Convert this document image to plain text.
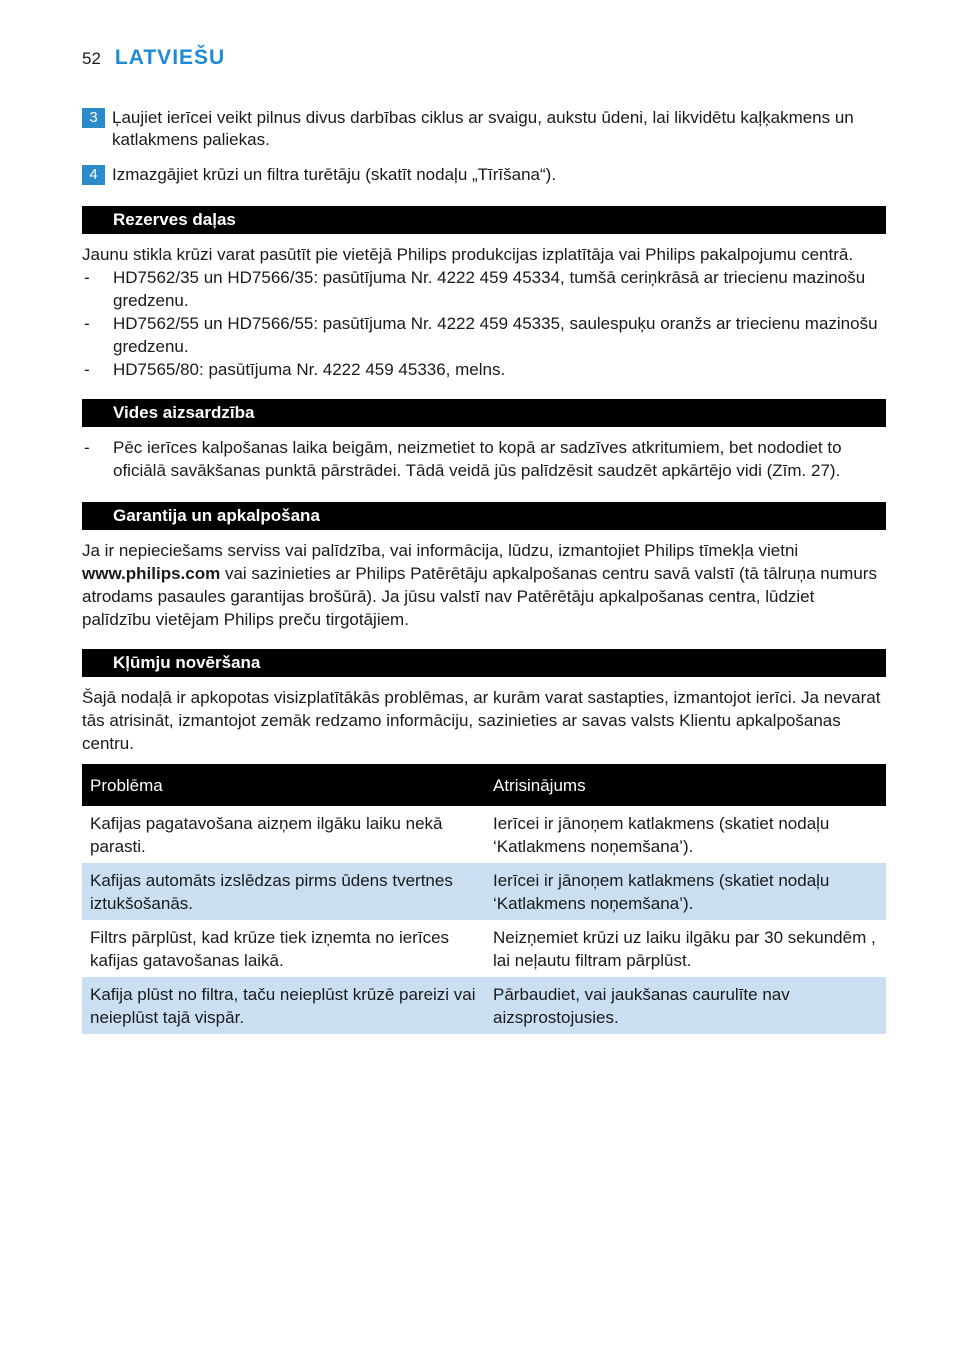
52 LATVIEŠU
3 Ļaujiet ierīcei veikt pilnus divus darbības ciklus ar svaigu, aukstu ūdeni, lai likvidētu kaļķakmens un katlakmens paliekas.
4 Izmazgājiet krūzi un filtra turētāju (skatīt nodaļu „Tīrīšana“).
Rezerves daļas
Jaunu stikla krūzi varat pasūtīt pie vietējā Philips produkcijas izplatītāja vai Philips pakalpojumu centrā.
- HD7562/35 un HD7566/35: pasūtījuma Nr. 4222 459 45334, tumšā ceriņkrāsā ar triecienu mazinošu gredzenu.
- HD7562/55 un HD7566/55: pasūtījuma Nr. 4222 459 45335, saulespuķu oranžs ar triecienu mazinošu gredzenu.
- HD7565/80: pasūtījuma Nr. 4222 459 45336, melns.
Vides aizsardzība
- Pēc ierīces kalpošanas laika beigām, neizmetiet to kopā ar sadzīves atkritumiem, bet nododiet to oficiālā savākšanas punktā pārstrādei. Tādā veidā jūs palīdzēsit saudzēt apkārtējo vidi (Zīm. 27).
Garantija un apkalpošana
Ja ir nepieciešams serviss vai palīdzība, vai informācija, lūdzu, izmantojiet Philips tīmekļa vietni www.philips.com vai sazinieties ar Philips Patērētāju apkalpošanas centru savā valstī (tā tālruņa numurs atrodams pasaules garantijas brošūrā). Ja jūsu valstī nav Patērētāju apkalpošanas centra, lūdziet palīdzību vietējam Philips preču tirgotājiem.
Kļūmju novēršana
Šajā nodaļā ir apkopotas visizplatītākās problēmas, ar kurām varat sastapties, izmantojot ierīci. Ja nevarat tās atrisināt, izmantojot zemāk redzamo informāciju, sazinieties ar savas valsts Klientu apkalpošanas centru.
Problēma	Atrisinājums
Kafijas pagatavošana aizņem ilgāku laiku nekā parasti.	Ierīcei ir jānoņem katlakmens (skatiet nodaļu ‘Katlakmens noņemšana’).
Kafijas automāts izslēdzas pirms ūdens tvertnes iztukšošanās.	Ierīcei ir jānoņem katlakmens (skatiet nodaļu ‘Katlakmens noņemšana’).
Filtrs pārplūst, kad krūze tiek izņemta no ierīces kafijas gatavošanas laikā.	Neizņemiet krūzi uz laiku ilgāku par 30 sekundēm , lai neļautu filtram pārplūst.
Kafija plūst no filtra, taču neieplūst krūzē pareizi vai neieplūst tajā vispār.	Pārbaudiet, vai jaukšanas caurulīte nav aizsprostojusies.
